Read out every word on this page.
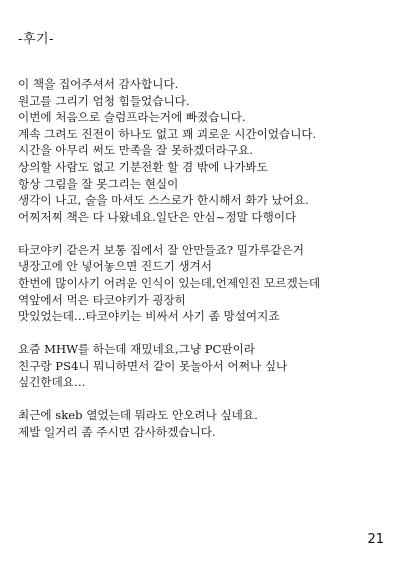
-후기-
이 책을 집어주셔서 감사합니다.
원고를 그리기 엄청 힘들었습니다.
이번에 처음으로 슬럼프라는거에 빠졌습니다.
계속 그려도 진전이 하나도 없고 꽤 괴로운 시간이었습니다.
시간을 아무리 써도 만족을 잘 못하겠더라구요.
상의할 사람도 없고 기분전환 할 겸 밖에 나가봐도
항상 그림을 잘 못그리는 현실이
생각이 나고, 술을 마셔도 스스로가 한시해서 화가 났어요.
어찌저찌 책은 다 나왔네요.일단은 안심~정말 다행이다
타코야키 같은거 보통 집에서 잘 안만들죠? 밀가루같은거
냉장고에 안 넣어놓으면 진드기 생겨서
한번에 많이사기 어려운 인식이 있는데,언제인진 모르겠는데
역앞에서 먹은 타코야키가 굉장히
맛있었는데…타코야키는 비싸서 사기 좀 망설여지죠
요즘 MHW를 하는데 재밌네요,그냥 PC판이라
친구랑 PS4니 뭐니하면서 같이 못놀아서 어쩌나 싶나
싶긴한데요…
최근에 skeb 열었는데 뭐라도 안오려나 싶네요.
제발 일거리 좀 주시면 감사하겠습니다.
21
